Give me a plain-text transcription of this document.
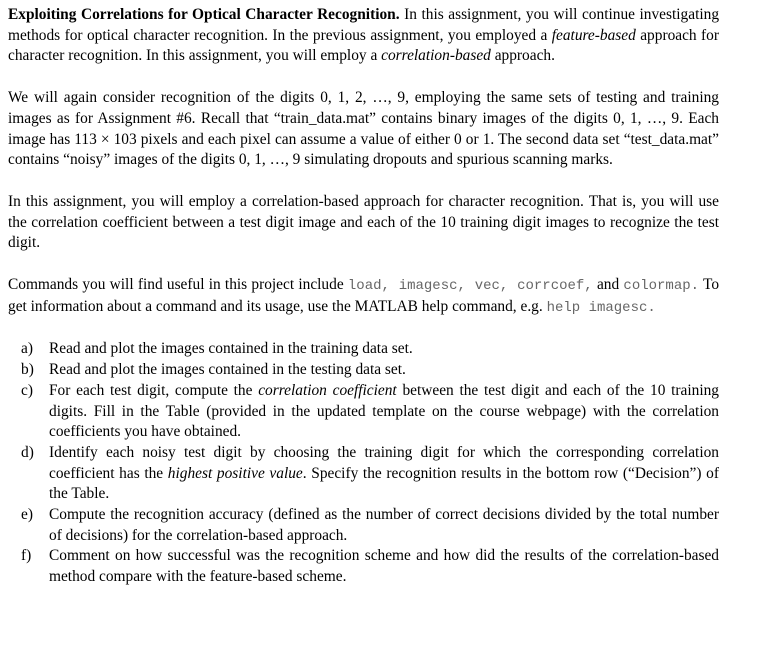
Exploiting Correlations for Optical Character Recognition. In this assignment, you will continue investigating methods for optical character recognition. In the previous assignment, you employed a feature-based approach for character recognition. In this assignment, you will employ a correlation-based approach.

We will again consider recognition of the digits 0, 1, 2, …, 9, employing the same sets of testing and training images as for Assignment #6. Recall that “train_data.mat” contains binary images of the digits 0, 1, …, 9. Each image has 113 × 103 pixels and each pixel can assume a value of either 0 or 1. The second data set “test_data.mat” contains “noisy” images of the digits 0, 1, …, 9 simulating dropouts and spurious scanning marks.

In this assignment, you will employ a correlation-based approach for character recognition. That is, you will use the correlation coefficient between a test digit image and each of the 10 training digit images to recognize the test digit.

Commands you will find useful in this project include load, imagesc, vec, corrcoef, and colormap. To get information about a command and its usage, use the MATLAB help command, e.g. help imagesc.

a) Read and plot the images contained in the training data set.
b) Read and plot the images contained in the testing data set.
c) For each test digit, compute the correlation coefficient between the test digit and each of the 10 training digits. Fill in the Table (provided in the updated template on the course webpage) with the correlation coefficients you have obtained.
d) Identify each noisy test digit by choosing the training digit for which the corresponding correlation coefficient has the highest positive value. Specify the recognition results in the bottom row (“Decision”) of the Table.
e) Compute the recognition accuracy (defined as the number of correct decisions divided by the total number of decisions) for the correlation-based approach.
f) Comment on how successful was the recognition scheme and how did the results of the correlation-based method compare with the feature-based scheme.
